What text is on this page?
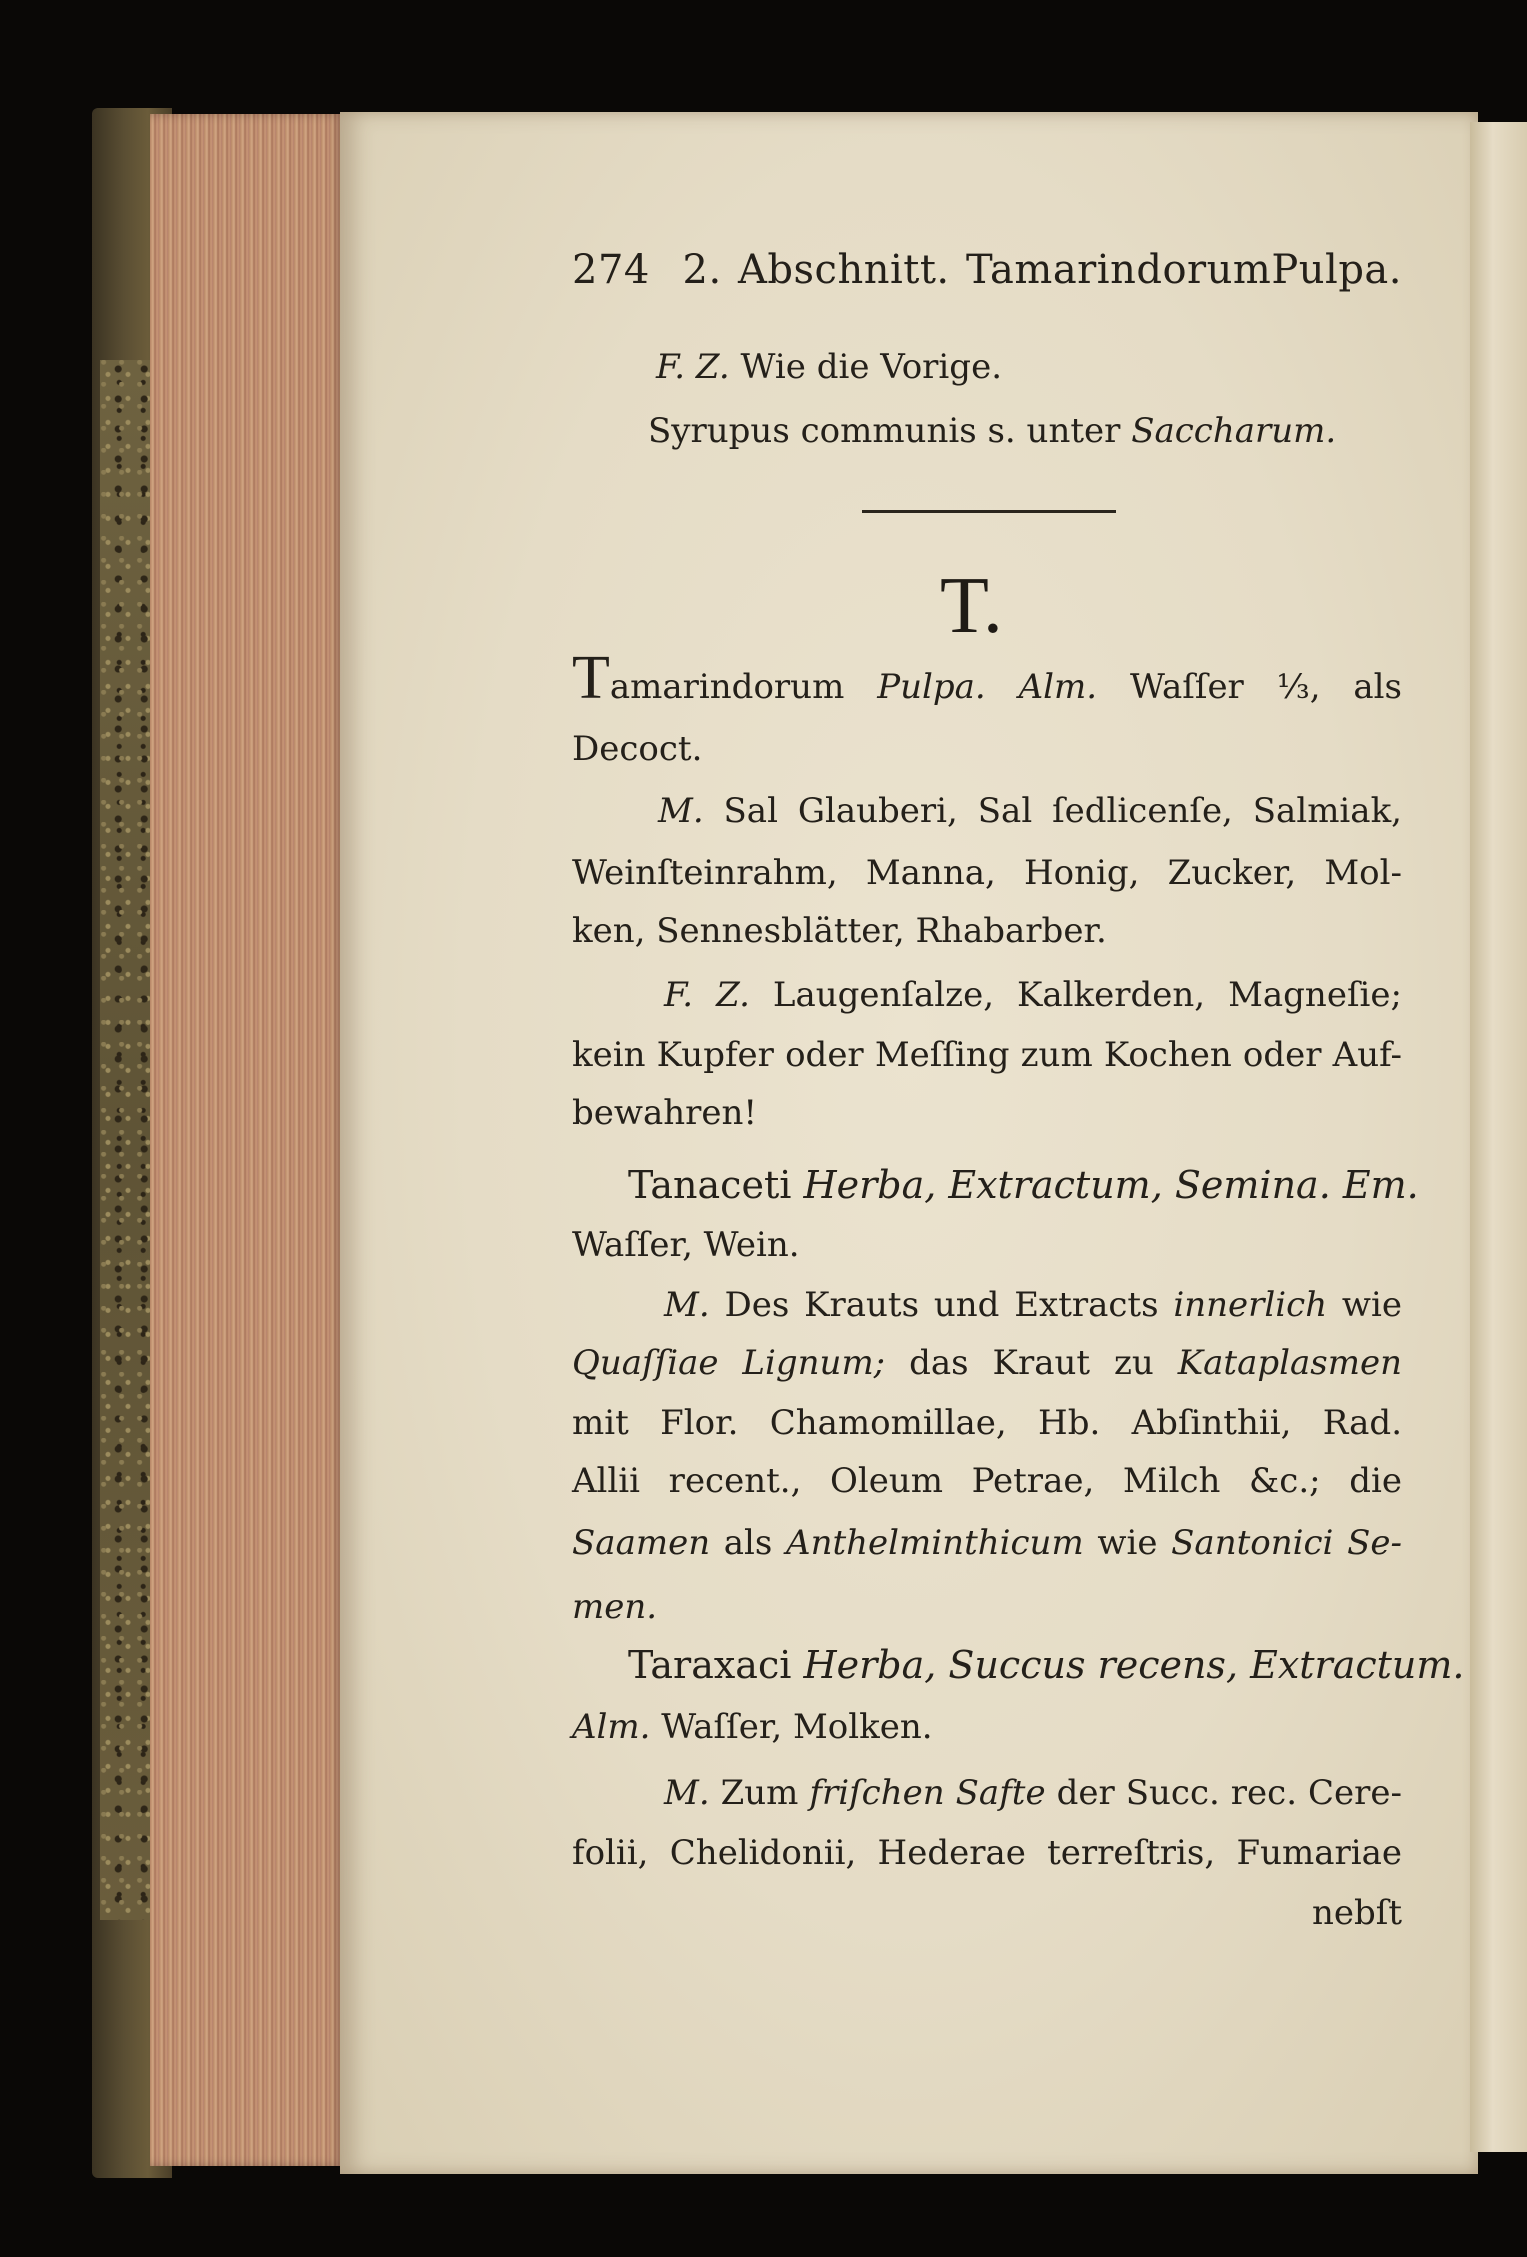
274 2. Abschnitt. TamarindorumPulpa.
F. Z. Wie die Vorige.
Syrupus communis s. unter Saccharum.
T.
Tamarindorum Pulpa. Alm. Waſſer ⅓, als
Decoct.
M. Sal Glauberi, Sal ſedlicenſe, Salmiak,
Weinſteinrahm, Manna, Honig, Zucker, Mol-
ken, Sennesblätter, Rhabarber.
F. Z. Laugenſalze, Kalkerden, Magneſie;
kein Kupfer oder Meſſing zum Kochen oder Auf-
bewahren!
Tanaceti Herba, Extractum, Semina. Em.
Waſſer, Wein.
M. Des Krauts und Extracts innerlich wie
Quaſſiae Lignum; das Kraut zu Kataplasmen
mit Flor. Chamomillae, Hb. Abſinthii, Rad.
Allii recent., Oleum Petrae, Milch &c.; die
Saamen als Anthelminthicum wie Santonici Se-
men.
Taraxaci Herba, Succus recens, Extractum.
Alm. Waſſer, Molken.
M. Zum friſchen Safte der Succ. rec. Cere-
folii, Chelidonii, Hederae terreſtris, Fumariae
nebſt
